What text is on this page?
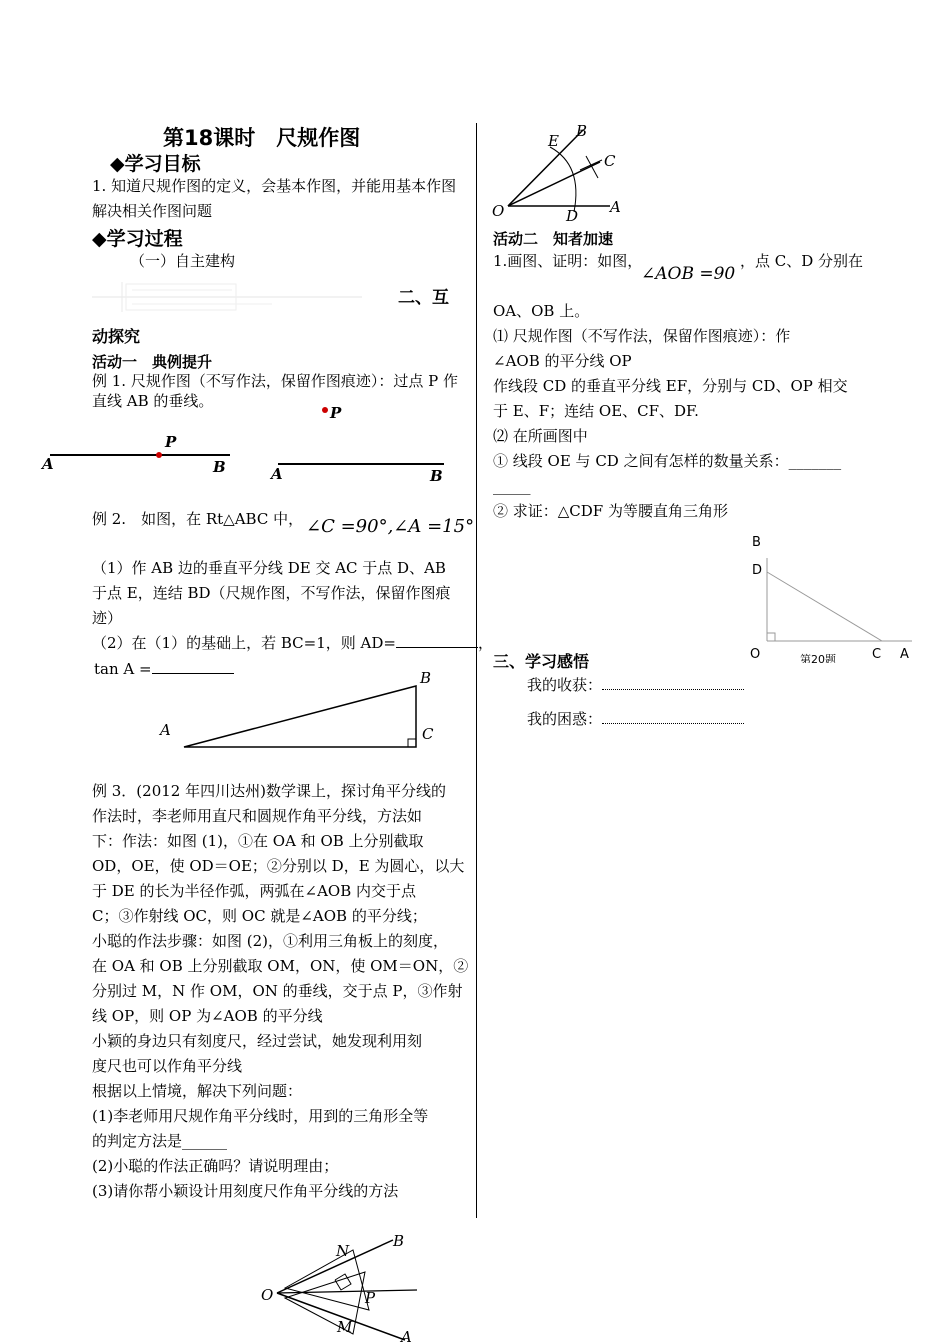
第18课时　尺规作图
◆学习目标
1. 知道尺规作图的定义，会基本作图，并能用基本作图解决相关作图问题
◆学习过程
（一）自主建构
二、互
动探究
活动一　典例提升
例 1. 尺规作图（不写作法，保留作图痕迹）：过点 P 作直线 AB 的垂线。
P
A	B
P
A	B
例 2.　如图，在 Rt△ABC 中， ∠C =90°,∠A =15°
（1）作 AB 边的垂直平分线 DE 交 AC 于点 D、AB 于点 E，连结 BD（尺规作图，不写作法，保留作图痕迹）
（2）在（1）的基础上，若 BC=1，则 AD=	，
tan A =
A
B
C
例 3．(2012 年四川达州)数学课上，探讨角平分线的
作法时，李老师用直尺和圆规作角平分线，方法如
下：作法：如图 (1)，①在 OA 和 OB 上分别截取
OD，OE，使 OD＝OE；②分别以 D，E 为圆心，以大
于 DE 的长为半径作弧，两弧在∠AOB 内交于点
C；③作射线 OC，则 OC 就是∠AOB 的平分线；
小聪的作法步骤：如图 (2)，①利用三角板上的刻度，
在 OA 和 OB 上分别截取 OM，ON，使 OM＝ON，②
分别过 M，N 作 OM，ON 的垂线，交于点 P，③作射
线 OP，则 OP 为∠AOB 的平分线
小颖的身边只有刻度尺，经过尝试，她发现利用刻
度尺也可以作角平分线
根据以上情境，解决下列问题：
(1)李老师用尺规作角平分线时，用到的三角形全等
的判定方法是______
(2)小聪的作法正确吗？请说明理由；
(3)请你帮小颖设计用刻度尺作角平分线的方法
O
N
B
P
M
A
O
E
B
C
D A
活动二　知者加速
1.画图、证明：如图，
∠AOB =90
，点 C、D 分别在
OA、OB 上。
⑴ 尺规作图（不写作法，保留作图痕迹）：作
∠AOB 的平分线 OP
作线段 CD 的垂直平分线 EF，分别与 CD、OP 相交
于 E、F；连结 OE、CF、DF.
⑵ 在所画图中
① 线段 OE 与 CD 之间有怎样的数量关系：_______
_____
② 求证：△CDF 为等腰直角三角形
B
D
O	C A
第20题
三、学习感悟
我的收获：
我的困惑：
